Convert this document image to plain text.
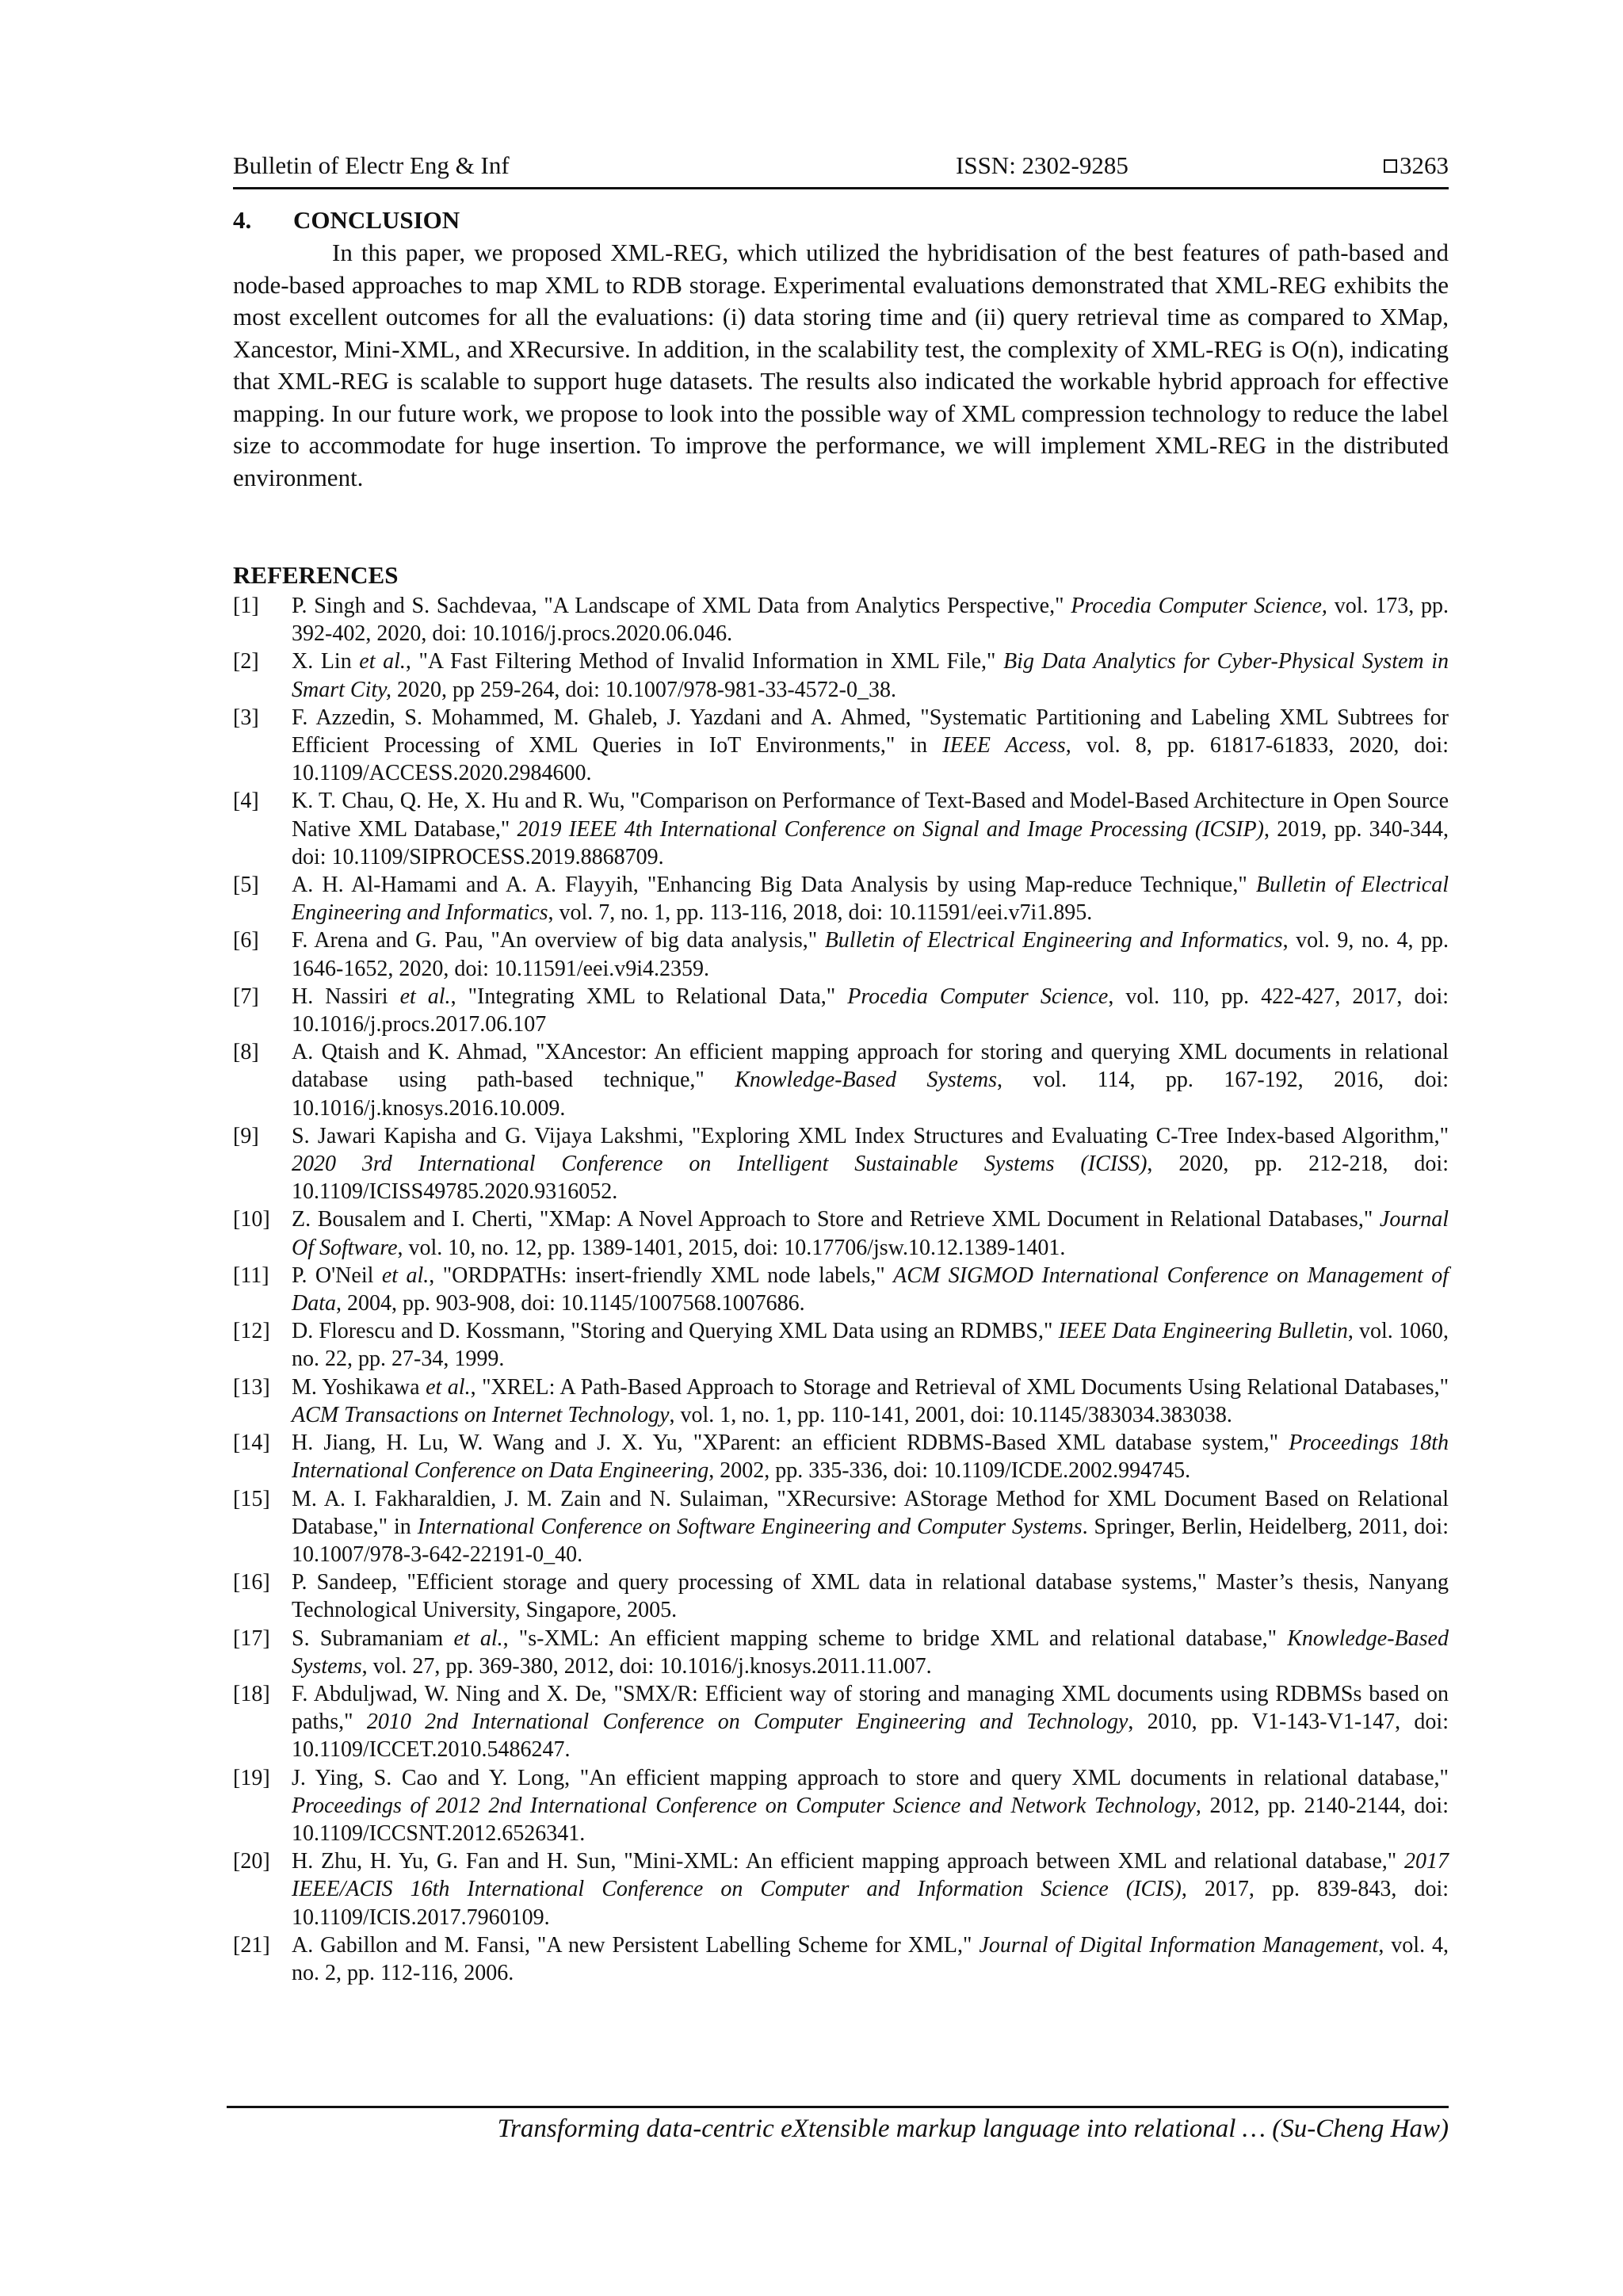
Bulletin of Electr Eng & Inf	ISSN: 2302-9285	3263
4. CONCLUSION

In this paper, we proposed XML-REG, which utilized the hybridisation of the best features of path-based and node-based approaches to map XML to RDB storage. Experimental evaluations demonstrated that XML-REG exhibits the most excellent outcomes for all the evaluations: (i) data storing time and (ii) query retrieval time as compared to XMap, Xancestor, Mini-XML, and XRecursive. In addition, in the scalability test, the complexity of XML-REG is O(n), indicating that XML-REG is scalable to support huge datasets. The results also indicated the workable hybrid approach for effective mapping. In our future work, we propose to look into the possible way of XML compression technology to reduce the label size to accommodate for huge insertion. To improve the performance, we will implement XML-REG in the distributed environment.

REFERENCES
[1]	P. Singh and S. Sachdevaa, "A Landscape of XML Data from Analytics Perspective," Procedia Computer Science, vol. 173, pp. 392-402, 2020, doi: 10.1016/j.procs.2020.06.046.
[2]	X. Lin et al., "A Fast Filtering Method of Invalid Information in XML File," Big Data Analytics for Cyber-Physical System in Smart City, 2020, pp 259-264, doi: 10.1007/978-981-33-4572-0_38.
[3]	F. Azzedin, S. Mohammed, M. Ghaleb, J. Yazdani and A. Ahmed, "Systematic Partitioning and Labeling XML Subtrees for Efficient Processing of XML Queries in IoT Environments," in IEEE Access, vol. 8, pp. 61817-61833, 2020, doi: 10.1109/ACCESS.2020.2984600.
[4]	K. T. Chau, Q. He, X. Hu and R. Wu, "Comparison on Performance of Text-Based and Model-Based Architecture in Open Source Native XML Database," 2019 IEEE 4th International Conference on Signal and Image Processing (ICSIP), 2019, pp. 340-344, doi: 10.1109/SIPROCESS.2019.8868709.
[5]	A. H. Al-Hamami and A. A. Flayyih, "Enhancing Big Data Analysis by using Map-reduce Technique," Bulletin of Electrical Engineering and Informatics, vol. 7, no. 1, pp. 113-116, 2018, doi: 10.11591/eei.v7i1.895.
[6]	F. Arena and G. Pau, "An overview of big data analysis," Bulletin of Electrical Engineering and Informatics, vol. 9, no. 4, pp. 1646-1652, 2020, doi: 10.11591/eei.v9i4.2359.
[7]	H. Nassiri et al., "Integrating XML to Relational Data," Procedia Computer Science, vol. 110, pp. 422-427, 2017, doi: 10.1016/j.procs.2017.06.107
[8]	A. Qtaish and K. Ahmad, "XAncestor: An efficient mapping approach for storing and querying XML documents in relational database using path-based technique," Knowledge-Based Systems, vol. 114, pp. 167-192, 2016, doi: 10.1016/j.knosys.2016.10.009.
[9]	S. Jawari Kapisha and G. Vijaya Lakshmi, "Exploring XML Index Structures and Evaluating C-Tree Index-based Algorithm," 2020 3rd International Conference on Intelligent Sustainable Systems (ICISS), 2020, pp. 212-218, doi: 10.1109/ICISS49785.2020.9316052.
[10] Z. Bousalem and I. Cherti, "XMap: A Novel Approach to Store and Retrieve XML Document in Relational Databases," Journal Of Software, vol. 10, no. 12, pp. 1389-1401, 2015, doi: 10.17706/jsw.10.12.1389-1401.
[11]	P. O'Neil et al., "ORDPATHs: insert-friendly XML node labels," ACM SIGMOD International Conference on Management of Data, 2004, pp. 903-908, doi: 10.1145/1007568.1007686.
[12] D. Florescu and D. Kossmann, "Storing and Querying XML Data using an RDMBS," IEEE Data Engineering Bulletin, vol. 1060, no. 22, pp. 27-34, 1999.
[13] M. Yoshikawa et al., "XREL: A Path-Based Approach to Storage and Retrieval of XML Documents Using Relational Databases," ACM Transactions on Internet Technology, vol. 1, no. 1, pp. 110-141, 2001, doi: 10.1145/383034.383038.
[14] H. Jiang, H. Lu, W. Wang and J. X. Yu, "XParent: an efficient RDBMS-Based XML database system," Proceedings 18th International Conference on Data Engineering, 2002, pp. 335-336, doi: 10.1109/ICDE.2002.994745.
[15] M. A. I. Fakharaldien, J. M. Zain and N. Sulaiman, "XRecursive: AStorage Method for XML Document Based on Relational Database," in International Conference on Software Engineering and Computer Systems. Springer, Berlin, Heidelberg, 2011, doi: 10.1007/978-3-642-22191-0_40.
[16] P. Sandeep, "Efficient storage and query processing of XML data in relational database systems," Master’s thesis, Nanyang Technological University, Singapore, 2005.
[17] S. Subramaniam et al., "s-XML: An efficient mapping scheme to bridge XML and relational database," Knowledge-Based Systems, vol. 27, pp. 369-380, 2012, doi: 10.1016/j.knosys.2011.11.007.
[18] F. Abduljwad, W. Ning and X. De, "SMX/R: Efficient way of storing and managing XML documents using RDBMSs based on paths," 2010 2nd International Conference on Computer Engineering and Technology, 2010, pp. V1-143-V1-147, doi: 10.1109/ICCET.2010.5486247.
[19] J. Ying, S. Cao and Y. Long, "An efficient mapping approach to store and query XML documents in relational database," Proceedings of 2012 2nd International Conference on Computer Science and Network Technology, 2012, pp. 2140-2144, doi: 10.1109/ICCSNT.2012.6526341.
[20] H. Zhu, H. Yu, G. Fan and H. Sun, "Mini-XML: An efficient mapping approach between XML and relational database," 2017 IEEE/ACIS 16th International Conference on Computer and Information Science (ICIS), 2017, pp. 839-843, doi: 10.1109/ICIS.2017.7960109.
[21] A. Gabillon and M. Fansi, "A new Persistent Labelling Scheme for XML," Journal of Digital Information Management, vol. 4, no. 2, pp. 112-116, 2006.
Transforming data-centric eXtensible markup language into relational … (Su-Cheng Haw)
